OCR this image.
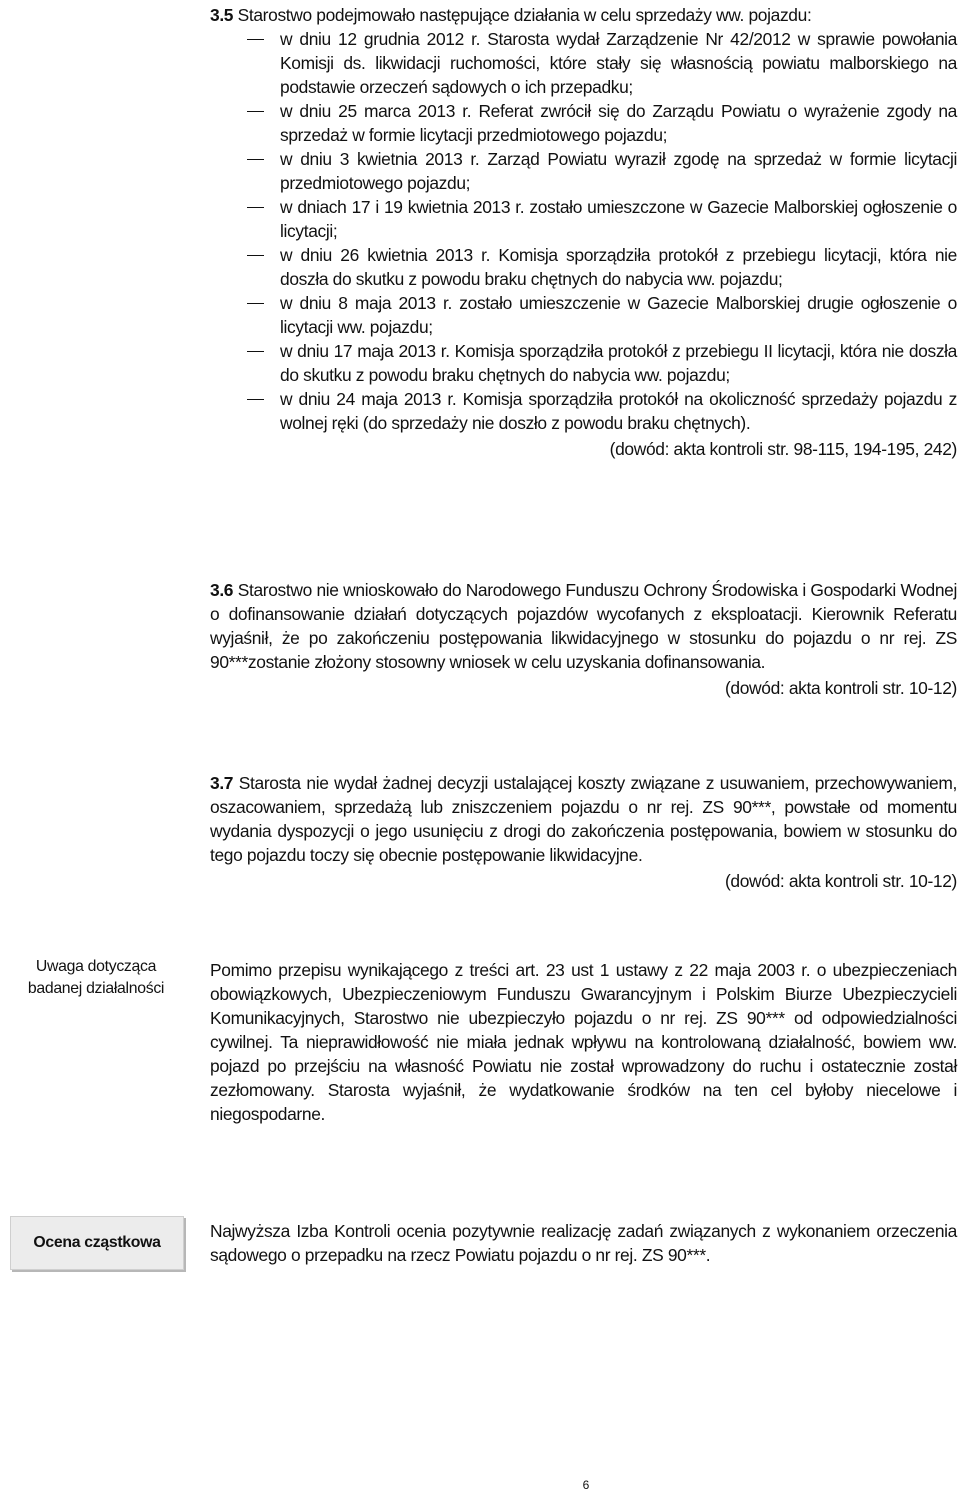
3.5 Starostwo podejmowało następujące działania w celu sprzedaży ww. pojazdu:
w dniu 12 grudnia 2012 r. Starosta wydał Zarządzenie Nr 42/2012 w sprawie powołania Komisji ds. likwidacji ruchomości, które stały się własnością powiatu malborskiego na podstawie orzeczeń sądowych o ich przepadku;
w dniu 25 marca 2013 r. Referat zwrócił się do Zarządu Powiatu o wyrażenie zgody na sprzedaż w formie licytacji przedmiotowego pojazdu;
w dniu 3 kwietnia 2013 r. Zarząd Powiatu wyraził zgodę na sprzedaż w formie licytacji przedmiotowego pojazdu;
w dniach 17 i 19 kwietnia 2013 r. zostało umieszczone w Gazecie Malborskiej ogłoszenie o licytacji;
w dniu 26 kwietnia 2013 r. Komisja sporządziła protokół z przebiegu licytacji, która nie doszła do skutku z powodu braku chętnych do nabycia ww. pojazdu;
w dniu 8 maja 2013 r. zostało umieszczenie w Gazecie Malborskiej drugie ogłoszenie o licytacji ww. pojazdu;
w dniu 17 maja 2013 r. Komisja sporządziła protokół z przebiegu II licytacji, która nie doszła do skutku z powodu braku chętnych do nabycia ww. pojazdu;
w dniu 24 maja 2013 r. Komisja sporządziła protokół na okoliczność sprzedaży pojazdu z wolnej ręki (do sprzedaży nie doszło z powodu braku chętnych).
(dowód: akta kontroli str. 98-115, 194-195, 242)
3.6 Starostwo nie wnioskowało do Narodowego Funduszu Ochrony Środowiska i Gospodarki Wodnej o dofinansowanie działań dotyczących pojazdów wycofanych z eksploatacji. Kierownik Referatu wyjaśnił, że po zakończeniu postępowania likwidacyjnego w stosunku do pojazdu o nr rej. ZS 90***zostanie złożony stosowny wniosek w celu uzyskania dofinansowania.
(dowód: akta kontroli str. 10-12)
3.7 Starosta nie wydał żadnej decyzji ustalającej koszty związane z usuwaniem, przechowywaniem, oszacowaniem, sprzedażą lub zniszczeniem pojazdu o nr rej. ZS 90***, powstałe od momentu wydania dyspozycji o jego usunięciu z drogi do zakończenia postępowania, bowiem w stosunku do tego pojazdu toczy się obecnie postępowanie likwidacyjne.
(dowód: akta kontroli str. 10-12)
Uwaga dotycząca badanej działalności
Pomimo przepisu wynikającego z treści art. 23 ust 1 ustawy z 22 maja 2003 r. o ubezpieczeniach obowiązkowych, Ubezpieczeniowym Funduszu Gwarancyjnym i Polskim Biurze Ubezpieczycieli Komunikacyjnych, Starostwo nie ubezpieczyło pojazdu o nr rej. ZS 90*** od odpowiedzialności cywilnej. Ta nieprawidłowość nie miała jednak wpływu na kontrolowaną działalność, bowiem ww. pojazd po przejściu na własność Powiatu nie został wprowadzony do ruchu i ostatecznie został zezłomowany. Starosta wyjaśnił, że wydatkowanie środków na ten cel byłoby niecelowe i niegospodarne.
Ocena cząstkowa
Najwyższa Izba Kontroli ocenia pozytywnie realizację zadań związanych z wykonaniem orzeczenia sądowego o przepadku na rzecz Powiatu pojazdu o nr rej. ZS 90***.
6
